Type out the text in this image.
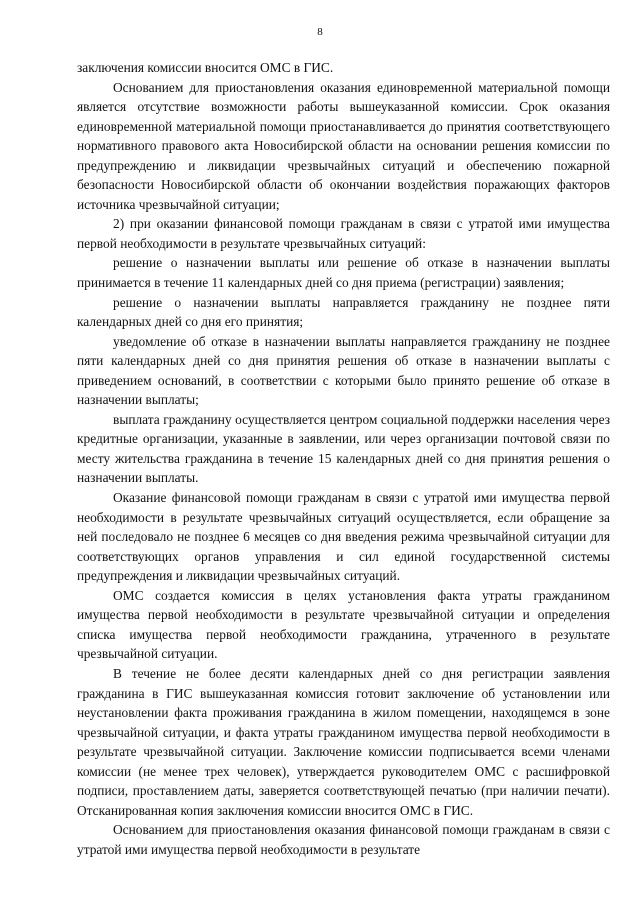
8

заключения комиссии вносится ОМС в ГИС.

Основанием для приостановления оказания единовременной материальной помощи является отсутствие возможности работы вышеуказанной комиссии. Срок оказания единовременной материальной помощи приостанавливается до принятия соответствующего нормативного правового акта Новосибирской области на основании решения комиссии по предупреждению и ликвидации чрезвычайных ситуаций и обеспечению пожарной безопасности Новосибирской области об окончании воздействия поражающих факторов источника чрезвычайной ситуации;

2) при оказании финансовой помощи гражданам в связи с утратой ими имущества первой необходимости в результате чрезвычайных ситуаций:

решение о назначении выплаты или решение об отказе в назначении выплаты принимается в течение 11 календарных дней со дня приема (регистрации) заявления;

решение о назначении выплаты направляется гражданину не позднее пяти календарных дней со дня его принятия;

уведомление об отказе в назначении выплаты направляется гражданину не позднее пяти календарных дней со дня принятия решения об отказе в назначении выплаты с приведением оснований, в соответствии с которыми было принято решение об отказе в назначении выплаты;

выплата гражданину осуществляется центром социальной поддержки населения через кредитные организации, указанные в заявлении, или через организации почтовой связи по месту жительства гражданина в течение 15 календарных дней со дня принятия решения о назначении выплаты.

Оказание финансовой помощи гражданам в связи с утратой ими имущества первой необходимости в результате чрезвычайных ситуаций осуществляется, если обращение за ней последовало не позднее 6 месяцев со дня введения режима чрезвычайной ситуации для соответствующих органов управления и сил единой государственной системы предупреждения и ликвидации чрезвычайных ситуаций.

ОМС создается комиссия в целях установления факта утраты гражданином имущества первой необходимости в результате чрезвычайной ситуации и определения списка имущества первой необходимости гражданина, утраченного в результате чрезвычайной ситуации.

В течение не более десяти календарных дней со дня регистрации заявления гражданина в ГИС вышеуказанная комиссия готовит заключение об установлении или неустановлении факта проживания гражданина в жилом помещении, находящемся в зоне чрезвычайной ситуации, и факта утраты гражданином имущества первой необходимости в результате чрезвычайной ситуации. Заключение комиссии подписывается всеми членами комиссии (не менее трех человек), утверждается руководителем ОМС с расшифровкой подписи, проставлением даты, заверяется соответствующей печатью (при наличии печати). Отсканированная копия заключения комиссии вносится ОМС в ГИС.

Основанием для приостановления оказания финансовой помощи гражданам в связи с утратой ими имущества первой необходимости в результате
